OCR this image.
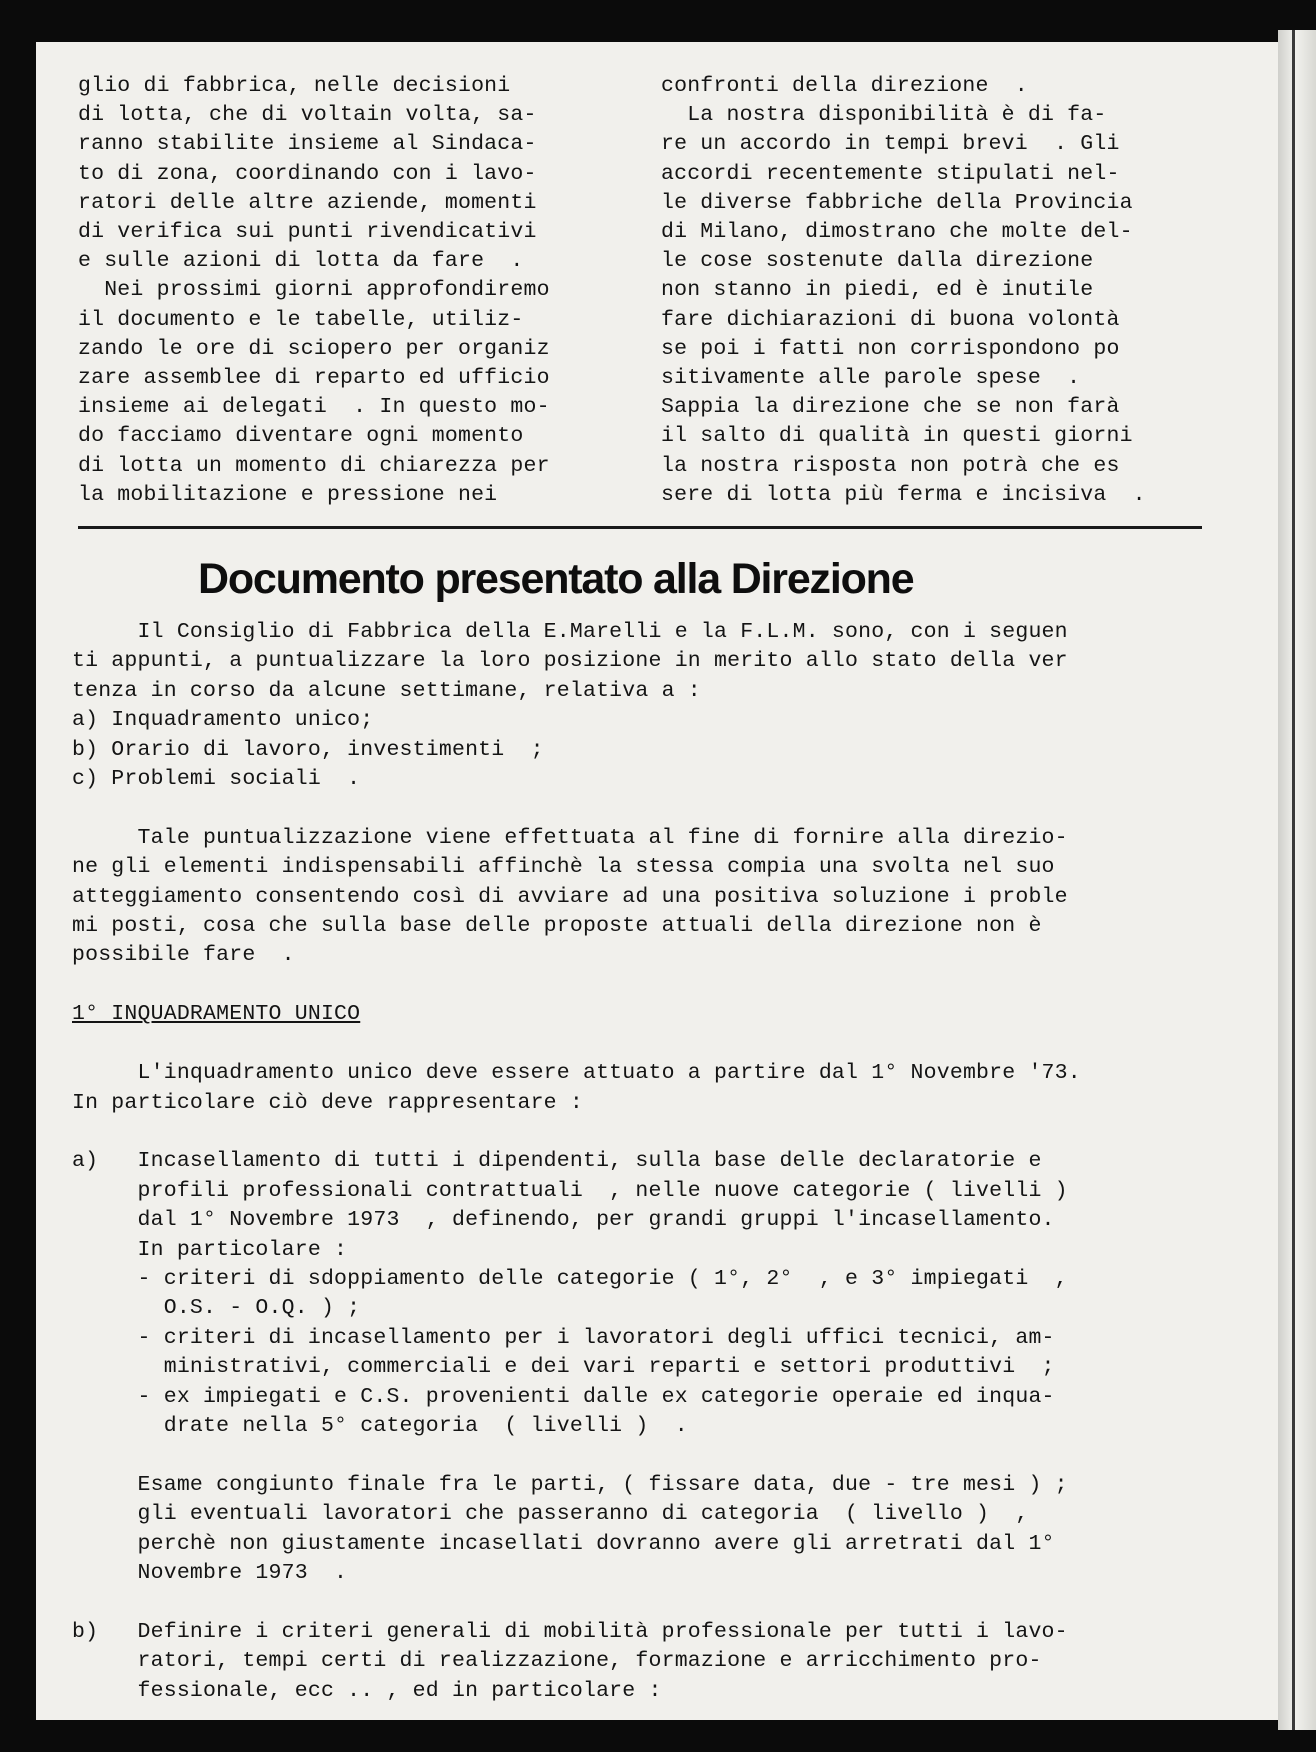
glio di fabbrica, nelle decisioni
di lotta, che di voltain volta, sa-
ranno stabilite insieme al Sindaca-
to di zona, coordinando con i lavo-
ratori delle altre aziende, momenti
di verifica sui punti rivendicativi
e sulle azioni di lotta da fare  .
Nei prossimi giorni approfondiremo
il documento e le tabelle, utiliz-
zando le ore di sciopero per organiz
zare assemblee di reparto ed ufficio
insieme ai delegati  . In questo mo-
do facciamo diventare ogni momento
di lotta un momento di chiarezza per
la mobilitazione e pressione nei
confronti della direzione  .
La nostra disponibilità è di fa-
re un accordo in tempi brevi  . Gli
accordi recentemente stipulati nel-
le diverse fabbriche della Provincia
di Milano, dimostrano che molte del-
le cose sostenute dalla direzione
non stanno in piedi, ed è inutile
fare dichiarazioni di buona volontà
se poi i fatti non corrispondono po
sitivamente alle parole spese  .
Sappia la direzione che se non farà
il salto di qualità in questi giorni
la nostra risposta non potrà che es
sere di lotta più ferma e incisiva  .
Documento presentato alla Direzione
Il Consiglio di Fabbrica della E.Marelli e la F.L.M. sono, con i seguen
ti appunti, a puntualizzare la loro posizione in merito allo stato della ver
tenza in corso da alcune settimane, relativa a :
a) Inquadramento unico;
b) Orario di lavoro, investimenti  ;
c) Problemi sociali  .

Tale puntualizzazione viene effettuata al fine di fornire alla direzio-
ne gli elementi indispensabili affinchè la stessa compia una svolta nel suo
atteggiamento consentendo così di avviare ad una positiva soluzione i proble
mi posti, cosa che sulla base delle proposte attuali della direzione non è
possibile fare  .

1° INQUADRAMENTO UNICO

L'inquadramento unico deve essere attuato a partire dal 1° Novembre '73.
In particolare ciò deve rappresentare :

a)   Incasellamento di tutti i dipendenti, sulla base delle declaratorie e
profili professionali contrattuali  , nelle nuove categorie ( livelli )
dal 1° Novembre 1973  , definendo, per grandi gruppi l'incasellamento.
In particolare :
- criteri di sdoppiamento delle categorie ( 1°, 2°  , e 3° impiegati  ,
O.S. - O.Q. ) ;
- criteri di incasellamento per i lavoratori degli uffici tecnici, am-
ministrativi, commerciali e dei vari reparti e settori produttivi  ;
- ex impiegati e C.S. provenienti dalle ex categorie operaie ed inqua-
drate nella 5° categoria  ( livelli )  .

Esame congiunto finale fra le parti, ( fissare data, due - tre mesi ) ;
gli eventuali lavoratori che passeranno di categoria  ( livello )  ,
perchè non giustamente incasellati dovranno avere gli arretrati dal 1°
Novembre 1973  .

b)   Definire i criteri generali di mobilità professionale per tutti i lavo-
ratori, tempi certi di realizzazione, formazione e arricchimento pro-
fessionale, ecc .. , ed in particolare :
